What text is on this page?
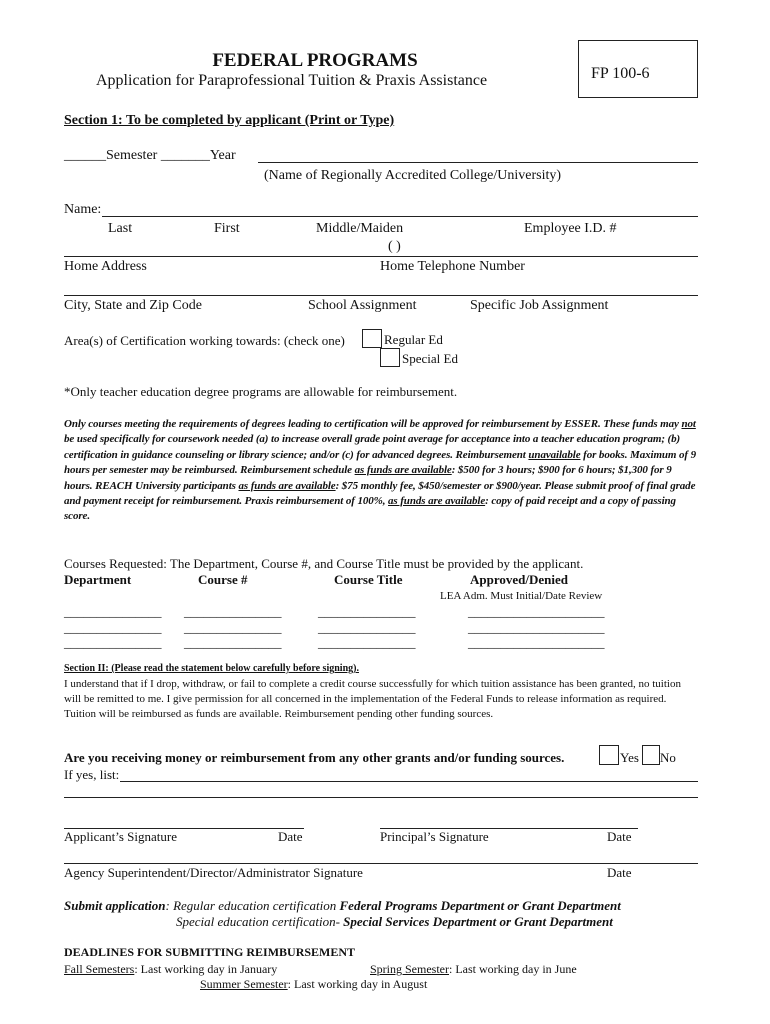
FEDERAL PROGRAMS
Application for Paraprofessional Tuition & Praxis Assistance	FP 100-6
Section 1: To be completed by applicant (Print or Type)
______Semester _______Year
(Name of Regionally Accredited College/University)
Name:
Last	First	Middle/Maiden	Employee I.D. #
( )
Home Address	Home Telephone Number
City, State and Zip Code	School Assignment	Specific Job Assignment
Area(s) of Certification working towards: (check one)	Regular Ed
Special Ed
*Only teacher education degree programs are allowable for reimbursement.
Only courses meeting the requirements of degrees leading to certification will be approved for reimbursement by ESSER. These funds may not be used specifically for coursework needed (a) to increase overall grade point average for acceptance into a teacher education program; (b) certification in guidance counseling or library science; and/or (c) for advanced degrees. Reimbursement unavailable for books. Maximum of 9 hours per semester may be reimbursed. Reimbursement schedule as funds are available: $500 for 3 hours; $900 for 6 hours; $1,300 for 9 hours. REACH University participants as funds are available: $75 monthly fee, $450/semester or $900/year. Please submit proof of final grade and payment receipt for reimbursement. Praxis reimbursement of 100%, as funds are available: copy of paid receipt and a copy of passing score.
Courses Requested: The Department, Course #, and Course Title must be provided by the applicant.
Department	Course #	Course Title	Approved/Denied
LEA Adm. Must Initial/Date Review
_______________ _______________	_______________	_____________________
_______________ _______________	_______________	_____________________
_______________ _______________	_______________	_____________________
Section II: (Please read the statement below carefully before signing).
I understand that if I drop, withdraw, or fail to complete a credit course successfully for which tuition assistance has been granted, no tuition will be remitted to me. I give permission for all concerned in the implementation of the Federal Funds to release information as required. Tuition will be reimbursed as funds are available. Reimbursement pending other funding sources.
Are you receiving money or reimbursement from any other grants and/or funding sources.	Yes No
If yes, list:
Applicant’s Signature	Date	Principal’s Signature	Date
Agency Superintendent/Director/Administrator Signature	Date
Submit application: Regular education certification Federal Programs Department or Grant Department
Special education certification- Special Services Department or Grant Department
DEADLINES FOR SUBMITTING REIMBURSEMENT
Fall Semesters: Last working day in January	Spring Semester: Last working day in June
Summer Semester: Last working day in August
